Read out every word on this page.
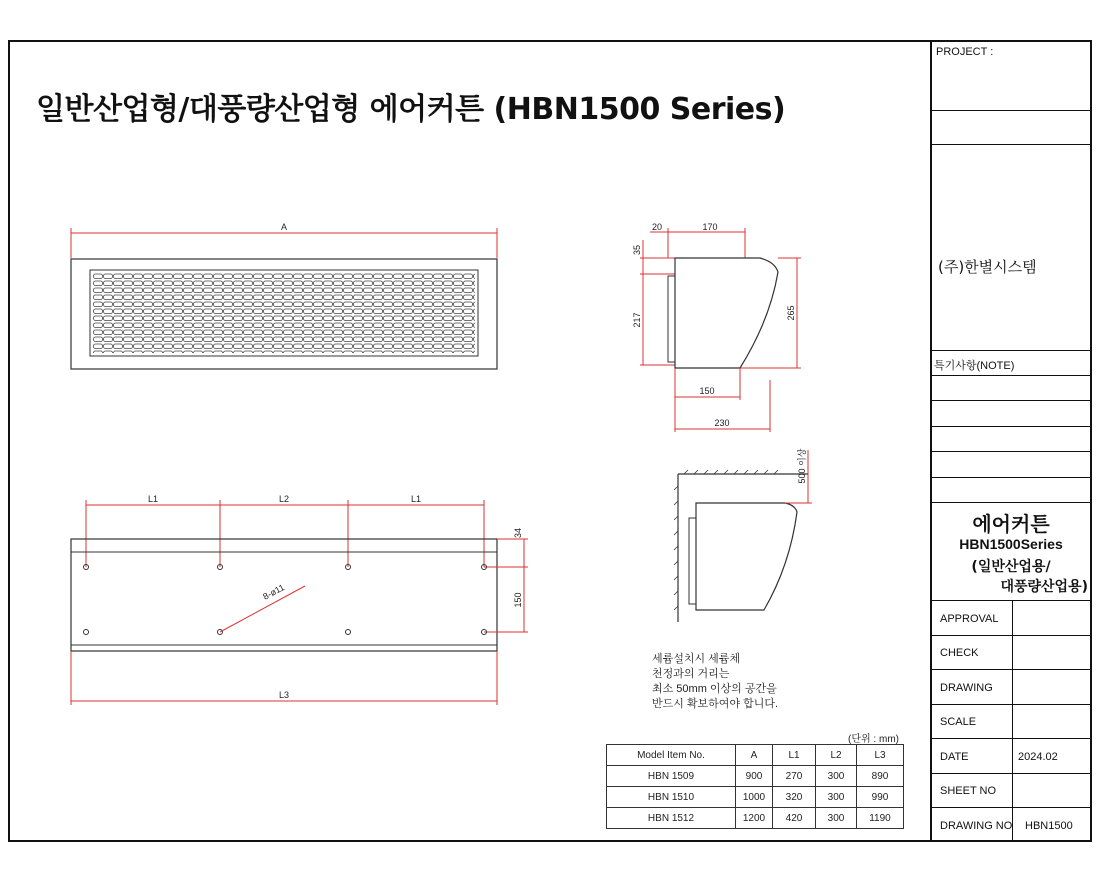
일반산업형/대풍량산업형 에어커튼 (HBN1500 Series)
A	20	170
35
217	265
150
230
500 이상
L1	L2	L1
34
150
8-ø11
L3
세륨설치시 세륨체
천정과의 거리는
최소 50mm 이상의 공간을
반드시 확보하여야 합니다.
(단위 : mm)
Model Item No.	A	L1	L2	L3
HBN 1509	900	270	300	890
HBN 1510	1000	320	300	990
HBN 1512	1200	420	300	1190
PROJECT :
(주)한별시스템
특기사항(NOTE)
에어커튼
HBN1500Series
(일반산업용/
대풍량산업용)
APPROVAL
CHECK
DRAWING
SCALE
DATE	2024.02
SHEET NO
DRAWING NO HBN1500
